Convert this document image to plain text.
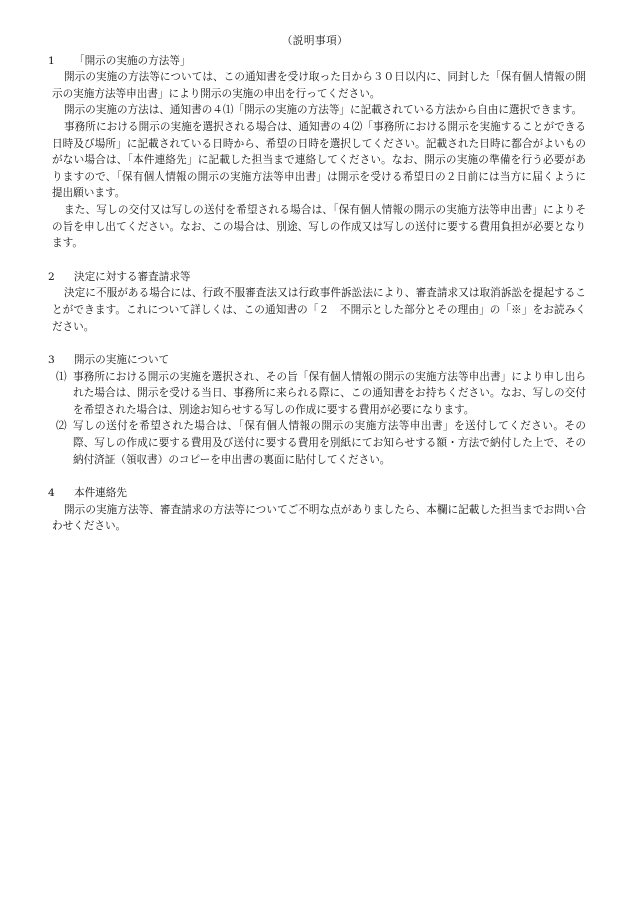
（説明事項）

1	「開示の実施の方法等」

開示の実施の方法等については、この通知書を受け取った日から３０日以内に、同封した「保有個人情報の開示の実施方法等申出書」により開示の実施の申出を行ってください。

開示の実施の方法は、通知書の４⑴「開示の実施の方法等」に記載されている方法から自由に選択できます。

事務所における開示の実施を選択される場合は、通知書の４⑵「事務所における開示を実施することができる日時及び場所」に記載されている日時から、希望の日時を選択してください。記載された日時に都合がよいものがない場合は、「本件連絡先」に記載した担当まで連絡してください。なお、開示の実施の準備を行う必要がありますので、「保有個人情報の開示の実施方法等申出書」は開示を受ける希望日の２日前には当方に届くように提出願います。

また、写しの交付又は写しの送付を希望される場合は、「保有個人情報の開示の実施方法等申出書」によりその旨を申し出てください。なお、この場合は、別途、写しの作成又は写しの送付に要する費用負担が必要となります。

2	決定に対する審査請求等

決定に不服がある場合には、行政不服審査法又は行政事件訴訟法により、審査請求又は取消訴訟を提起することができます。これについて詳しくは、この通知書の「２　不開示とした部分とその理由」の「※」をお読みください。

3	開示の実施について
⑴ 事務所における開示の実施を選択され、その旨「保有個人情報の開示の実施方法等申出書」により申し出られた場合は、開示を受ける当日、事務所に来られる際に、この通知書をお持ちください。なお、写しの交付を希望された場合は、別途お知らせする写しの作成に要する費用が必要になります。
⑵ 写しの送付を希望された場合は、「保有個人情報の開示の実施方法等申出書」を送付してください。その際、写しの作成に要する費用及び送付に要する費用を別紙にてお知らせする額・方法で納付した上で、その納付済証（領収書）のコピーを申出書の裏面に貼付してください。
4	本件連絡先

開示の実施方法等、審査請求の方法等についてご不明な点がありましたら、本欄に記載した担当までお問い合わせください。
